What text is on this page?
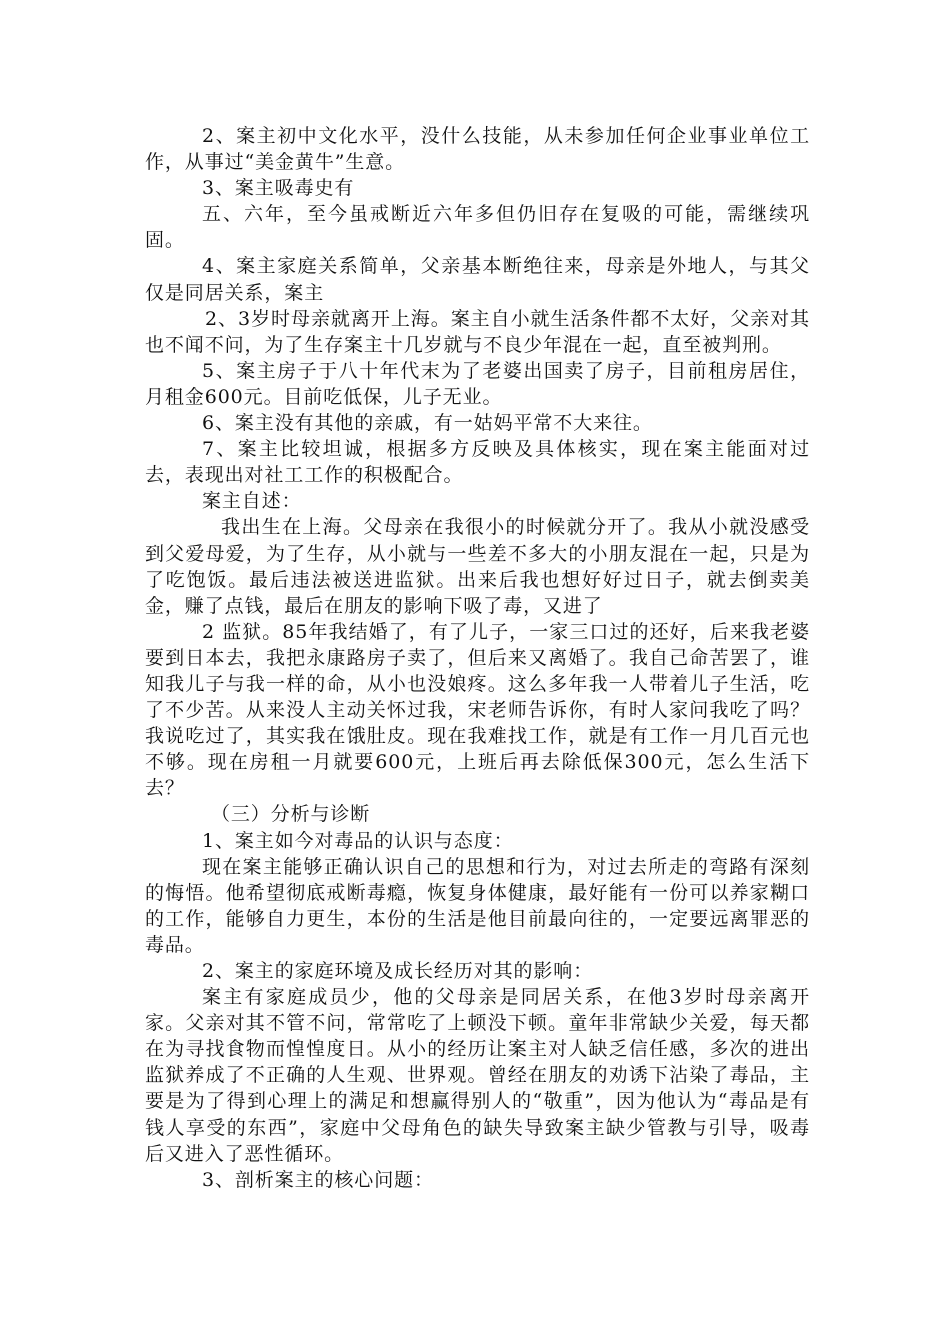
2、案主初中文化水平，没什么技能，从未参加任何企业事业单位工作，从事过“美金黄牛”生意。

3、案主吸毒史有

五、六年，至今虽戒断近六年多但仍旧存在复吸的可能，需继续巩固。

4、案主家庭关系简单，父亲基本断绝往来，母亲是外地人，与其父仅是同居关系，案主

2、3岁时母亲就离开上海。案主自小就生活条件都不太好，父亲对其也不闻不问，为了生存案主十几岁就与不良少年混在一起，直至被判刑。

5、案主房子于八十年代末为了老婆出国卖了房子，目前租房居住，月租金600元。目前吃低保，儿子无业。

6、案主没有其他的亲戚，有一姑妈平常不大来往。

7、案主比较坦诚，根据多方反映及具体核实，现在案主能面对过去，表现出对社工工作的积极配合。

案主自述：

我出生在上海。父母亲在我很小的时候就分开了。我从小就没感受到父爱母爱，为了生存，从小就与一些差不多大的小朋友混在一起，只是为了吃饱饭。最后违法被送进监狱。出来后我也想好好过日子，就去倒卖美金，赚了点钱，最后在朋友的影响下吸了毒，又进了

2 监狱。85年我结婚了，有了儿子，一家三口过的还好，后来我老婆要到日本去，我把永康路房子卖了，但后来又离婚了。我自己命苦罢了，谁知我儿子与我一样的命，从小也没娘疼。这么多年我一人带着儿子生活，吃了不少苦。从来没人主动关怀过我，宋老师告诉你，有时人家问我吃了吗？我说吃过了，其实我在饿肚皮。现在我难找工作，就是有工作一月几百元也不够。现在房租一月就要600元，上班后再去除低保300元，怎么生活下去？

（三）分析与诊断

1、案主如今对毒品的认识与态度：

现在案主能够正确认识自己的思想和行为，对过去所走的弯路有深刻的悔悟。他希望彻底戒断毒瘾，恢复身体健康，最好能有一份可以养家糊口的工作，能够自力更生，本份的生活是他目前最向往的，一定要远离罪恶的毒品。

2、案主的家庭环境及成长经历对其的影响：

案主有家庭成员少，他的父母亲是同居关系，在他3岁时母亲离开家。父亲对其不管不问，常常吃了上顿没下顿。童年非常缺少关爱，每天都在为寻找食物而惶惶度日。从小的经历让案主对人缺乏信任感，多次的进出监狱养成了不正确的人生观、世界观。曾经在朋友的劝诱下沾染了毒品，主要是为了得到心理上的满足和想赢得别人的“敬重”，因为他认为“毒品是有钱人享受的东西”，家庭中父母角色的缺失导致案主缺少管教与引导，吸毒后又进入了恶性循环。

3、剖析案主的核心问题：
